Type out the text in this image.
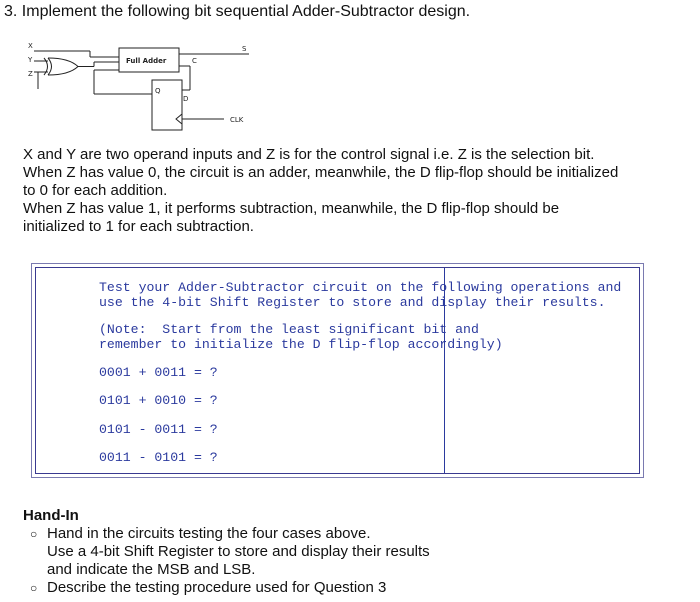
3. Implement the following bit sequential Adder-Subtractor design.
X
Y
Z
Full Adder	C
S
Q
D
CLK

X and Y are two operand inputs and Z is for the control signal i.e. Z is the selection bit.

When Z has value 0, the circuit is an adder, meanwhile, the D flip-flop should be initialized to 0 for each addition.

When Z has value 1, it performs subtraction, meanwhile, the D flip-flop should be initialized to 1 for each subtraction.

Test your Adder-Subtractor circuit on the following operations and
use the 4-bit Shift Register to store and display their results.
(Note:  Start from the least significant bit and
remember to initialize the D flip-flop accordingly)
0001 + 0011 = ?
0101 + 0010 = ?
0101 - 0011 = ?
0011 - 0101 = ?
Hand-In
○ Hand in the circuits testing the four cases above.
Use a 4-bit Shift Register to store and display their results
and indicate the MSB and LSB.
○ Describe the testing procedure used for Question 3
